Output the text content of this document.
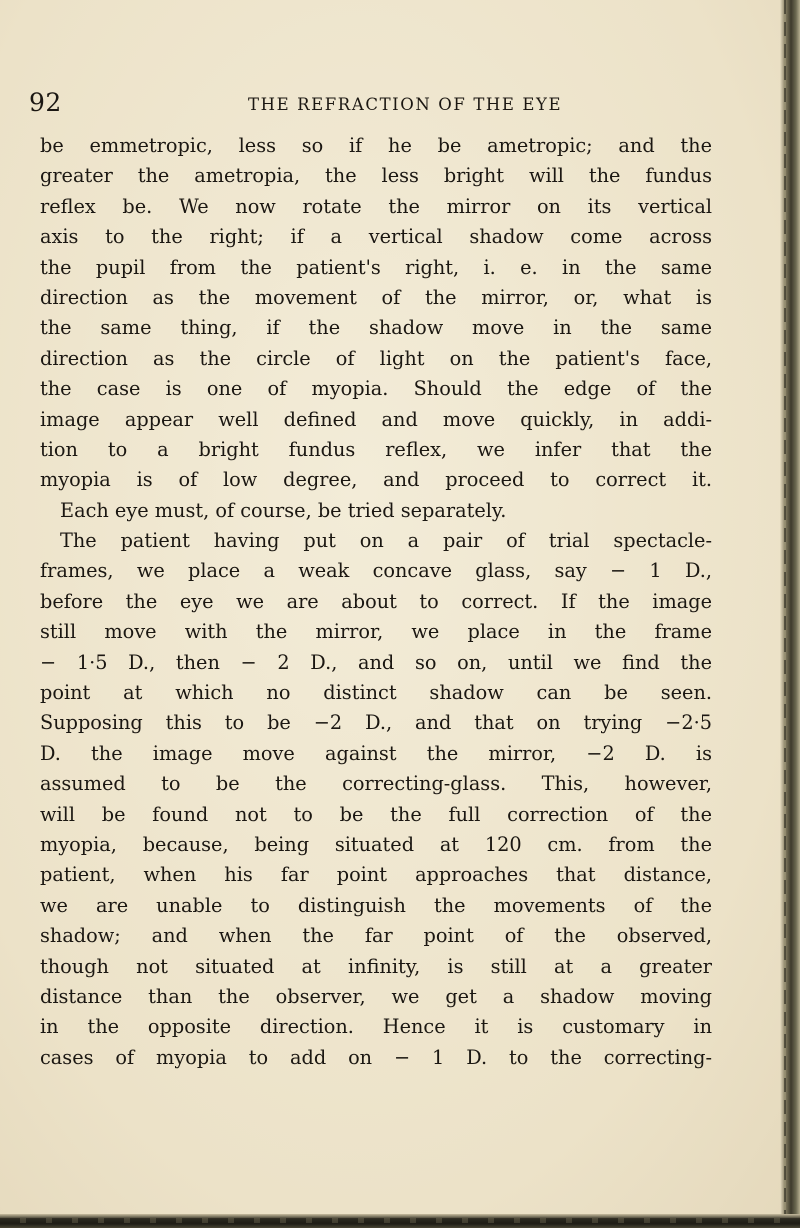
92	THE REFRACTION OF THE EYE
be emmetropic, less so if he be ametropic; and the
greater the ametropia, the less bright will the fundus
reflex be. We now rotate the mirror on its vertical
axis to the right; if a vertical shadow come across
the pupil from the patient's right, i. e. in the same
direction as the movement of the mirror, or, what is
the same thing, if the shadow move in the same
direction as the circle of light on the patient's face,
the case is one of myopia. Should the edge of the
image appear well defined and move quickly, in addi-
tion to a bright fundus reflex, we infer that the
myopia is of low degree, and proceed to correct it.
Each eye must, of course, be tried separately.
The patient having put on a pair of trial spectacle-
frames, we place a weak concave glass, say − 1 D.,
before the eye we are about to correct. If the image
still move with the mirror, we place in the frame
− 1·5 D., then − 2 D., and so on, until we find the
point at which no distinct shadow can be seen.
Supposing this to be −2 D., and that on trying −2·5
D. the image move against the mirror, −2 D. is
assumed to be the correcting-glass. This, however,
will be found not to be the full correction of the
myopia, because, being situated at 120 cm. from the
patient, when his far point approaches that distance,
we are unable to distinguish the movements of the
shadow; and when the far point of the observed,
though not situated at infinity, is still at a greater
distance than the observer, we get a shadow moving
in the opposite direction. Hence it is customary in
cases of myopia to add on − 1 D. to the correcting-
